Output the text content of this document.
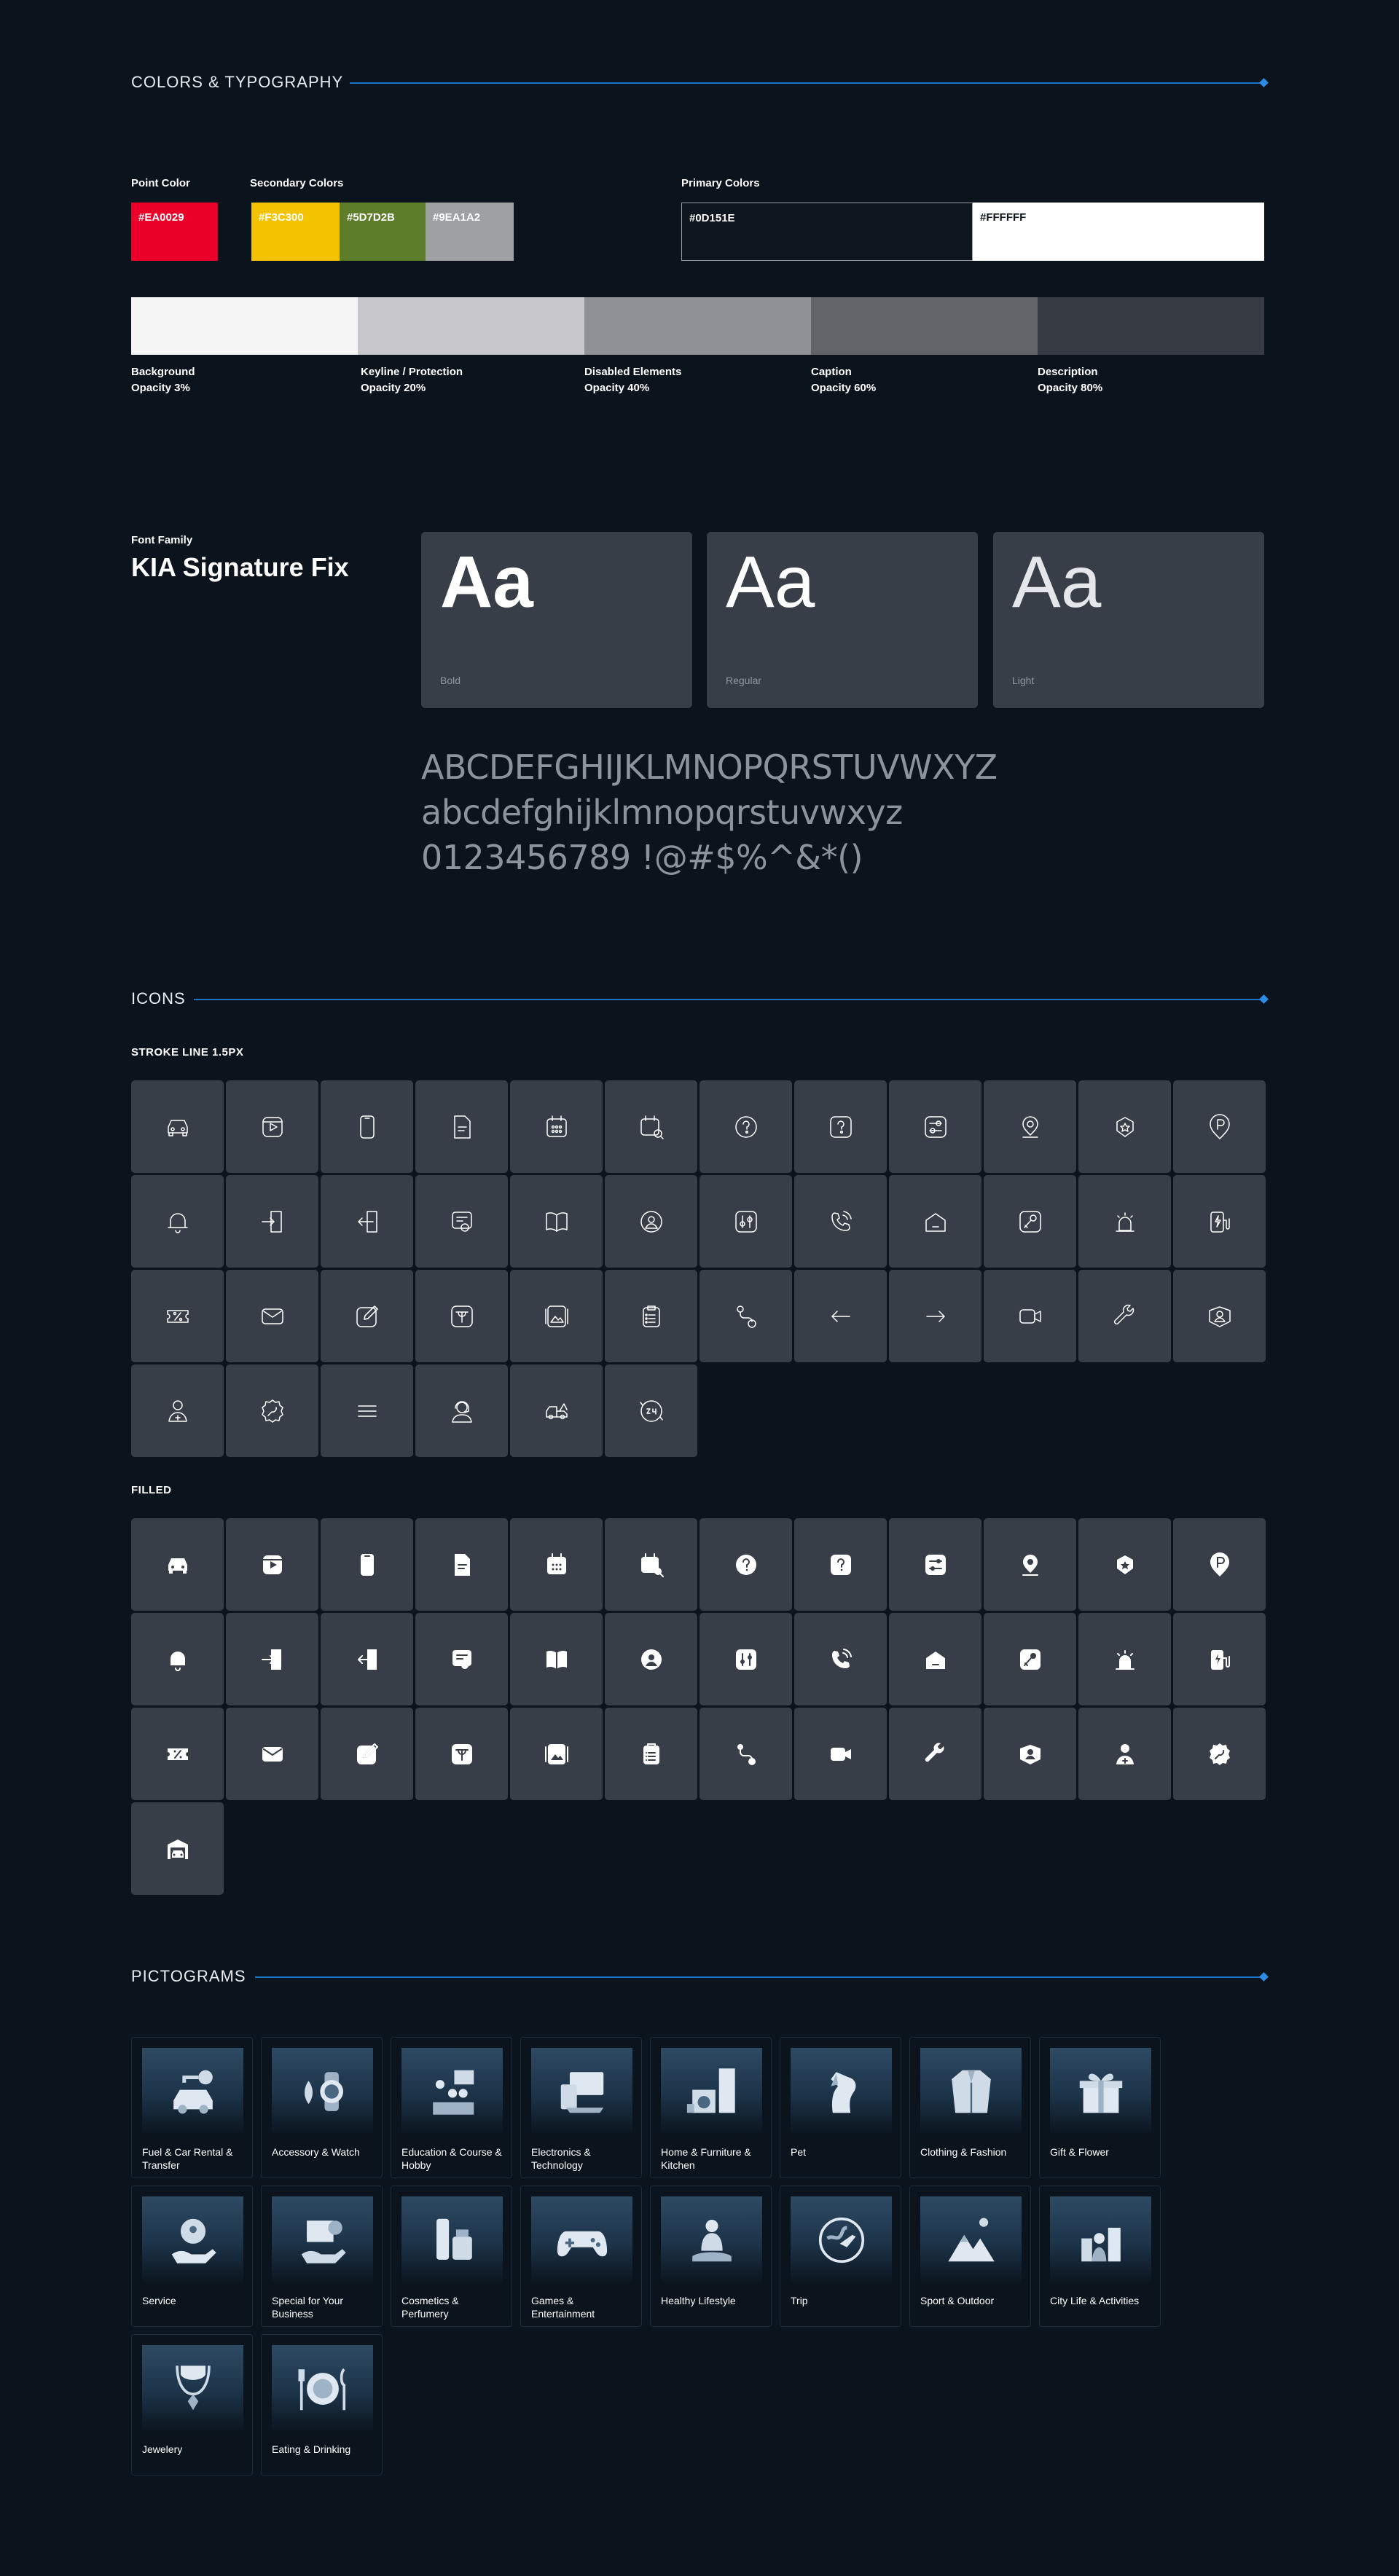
COLORS & TYPOGRAPHY
Point Color	Secondary Colors	Primary Colors
#EA0029	#F3C300	#5D7D2B	#9EA1A2	#0D151E	#FFFFFF
Background
Opacity 3%
Keyline / Protection
Opacity 20%
Disabled Elements
Opacity 40%
Caption
Opacity 60%
Description
Opacity 80%
Font Family
KIA Signature Fix Aa
Bold
Aa
Regular
Aa
Light
ABCDEFGHIJKLMNOPQRSTUVWXYZ
abcdefghijklmnopqrstuvwxyz
0123456789 !@#$%^&*()
ICONS
STROKE LINE 1.5PX
FILLED
PICTOGRAMS
Fuel & Car Rental & Transfer
Accessory & Watch	Education & Course & Hobby
Electronics & Technology
Home & Furniture & Kitchen
Pet	Clothing & Fashion	Gift & Flower
Service	Special for Your Business
Cosmetics & Perfumery
Games & Entertainment
Healthy Lifestyle	Trip	Sport & Outdoor	City Life & Activities
Jewelery	Eating & Drinking
